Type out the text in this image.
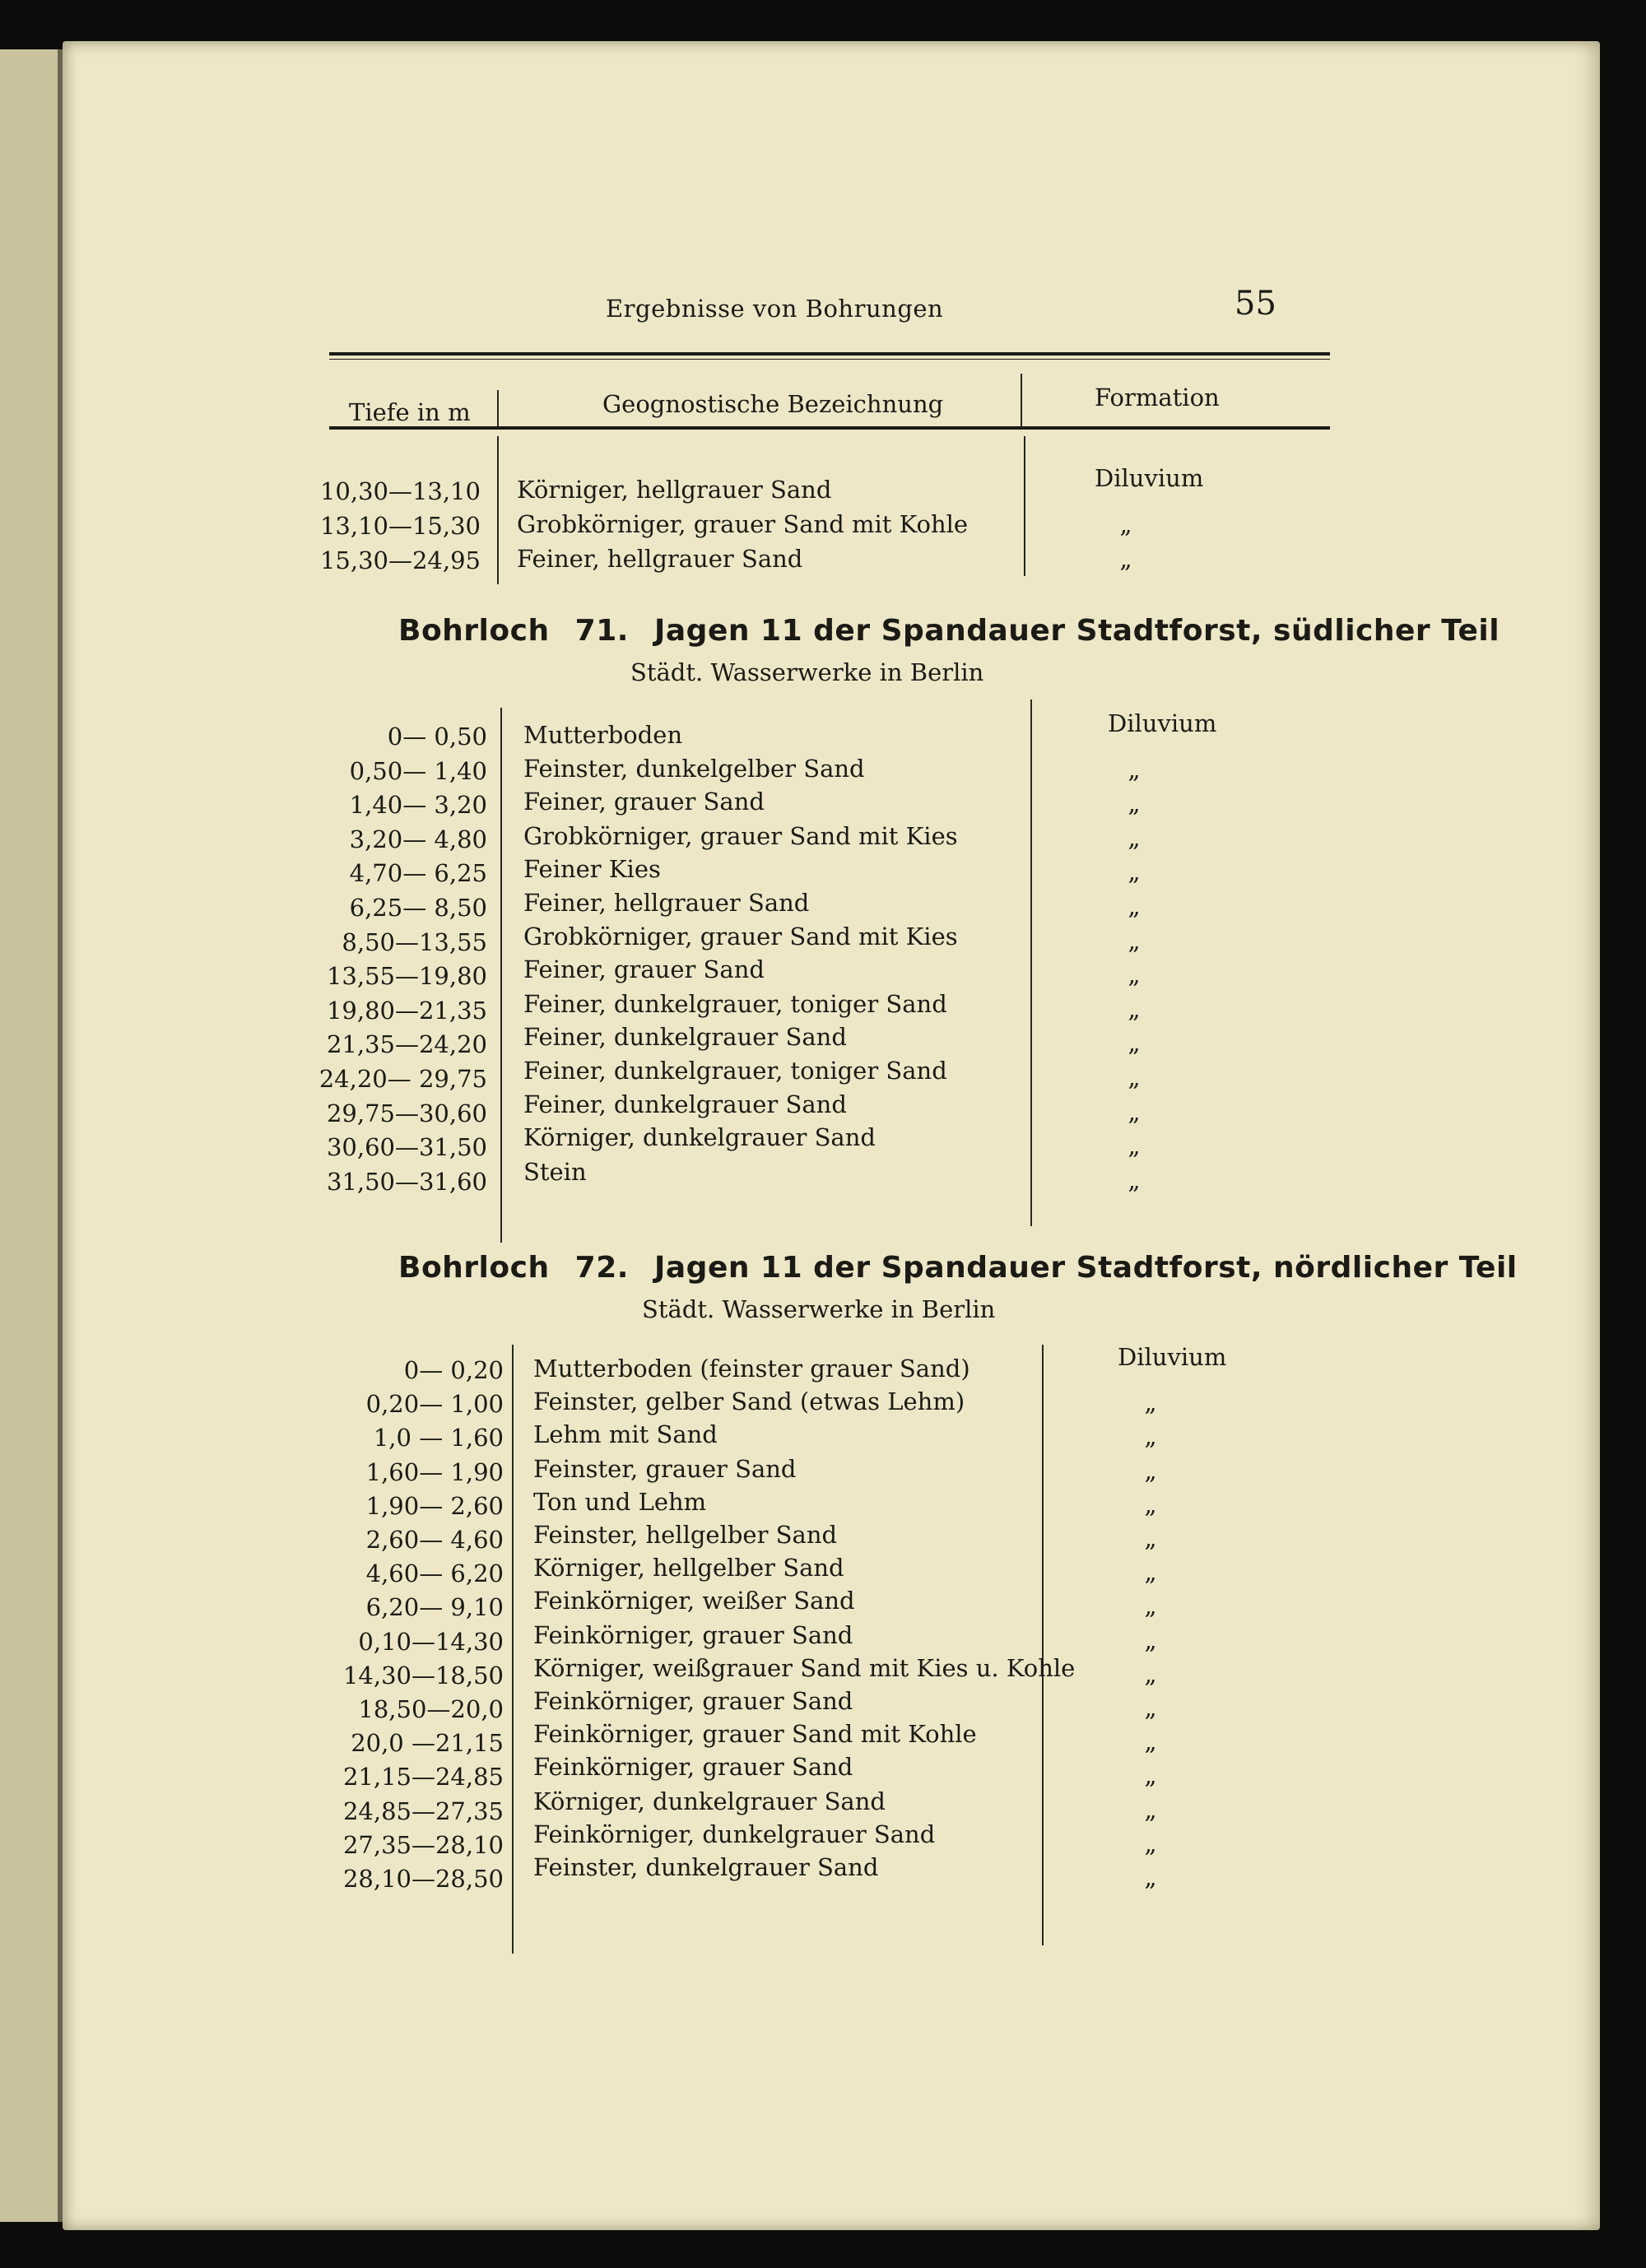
Ergebnisse von Bohrungen	55
Tiefe in m	Geognostische Bezeichnung	Formation
10,30—13,10 Körniger, hellgrauer Sand	Diluvium
13,10—15,30 Grobkörniger, grauer Sand mit Kohle	„
15,30—24,95 Feiner, hellgrauer Sand	„
Bohrloch 71. Jagen 11 der Spandauer Stadtforst, südlicher Teil
Städt. Wasserwerke in Berlin
0— 0,50 Mutterboden	Diluvium
0,50— 1,40 Feinster, dunkelgelber Sand	„
1,40— 3,20 Feiner, grauer Sand	„
3,20— 4,80 Grobkörniger, grauer Sand mit Kies	„
4,70— 6,25 Feiner Kies	„
6,25— 8,50 Feiner, hellgrauer Sand	„
8,50—13,55 Grobkörniger, grauer Sand mit Kies	„
13,55—19,80 Feiner, grauer Sand	„
19,80—21,35 Feiner, dunkelgrauer, toniger Sand	„
21,35—24,20 Feiner, dunkelgrauer Sand	„
24,20— 29,75 Feiner, dunkelgrauer, toniger Sand	„
29,75—30,60 Feiner, dunkelgrauer Sand	„
30,60—31,50 Körniger, dunkelgrauer Sand	„
31,50—31,60 Stein	„
Bohrloch 72. Jagen 11 der Spandauer Stadtforst, nördlicher Teil
Städt. Wasserwerke in Berlin
0— 0,20 Mutterboden (feinster grauer Sand)	Diluvium
0,20— 1,00 Feinster, gelber Sand (etwas Lehm)	„
1,0 — 1,60 Lehm mit Sand	„
1,60— 1,90 Feinster, grauer Sand	„
1,90— 2,60 Ton und Lehm	„
2,60— 4,60 Feinster, hellgelber Sand	„
4,60— 6,20 Körniger, hellgelber Sand	„
6,20— 9,10 Feinkörniger, weißer Sand	„
0,10—14,30 Feinkörniger, grauer Sand	„
14,30—18,50 Körniger, weißgrauer Sand mit Kies u. Kohle	„
18,50—20,0 Feinkörniger, grauer Sand	„
20,0 —21,15 Feinkörniger, grauer Sand mit Kohle	„
21,15—24,85 Feinkörniger, grauer Sand	„
24,85—27,35 Körniger, dunkelgrauer Sand	„
27,35—28,10 Feinkörniger, dunkelgrauer Sand	„
28,10—28,50 Feinster, dunkelgrauer Sand	„
